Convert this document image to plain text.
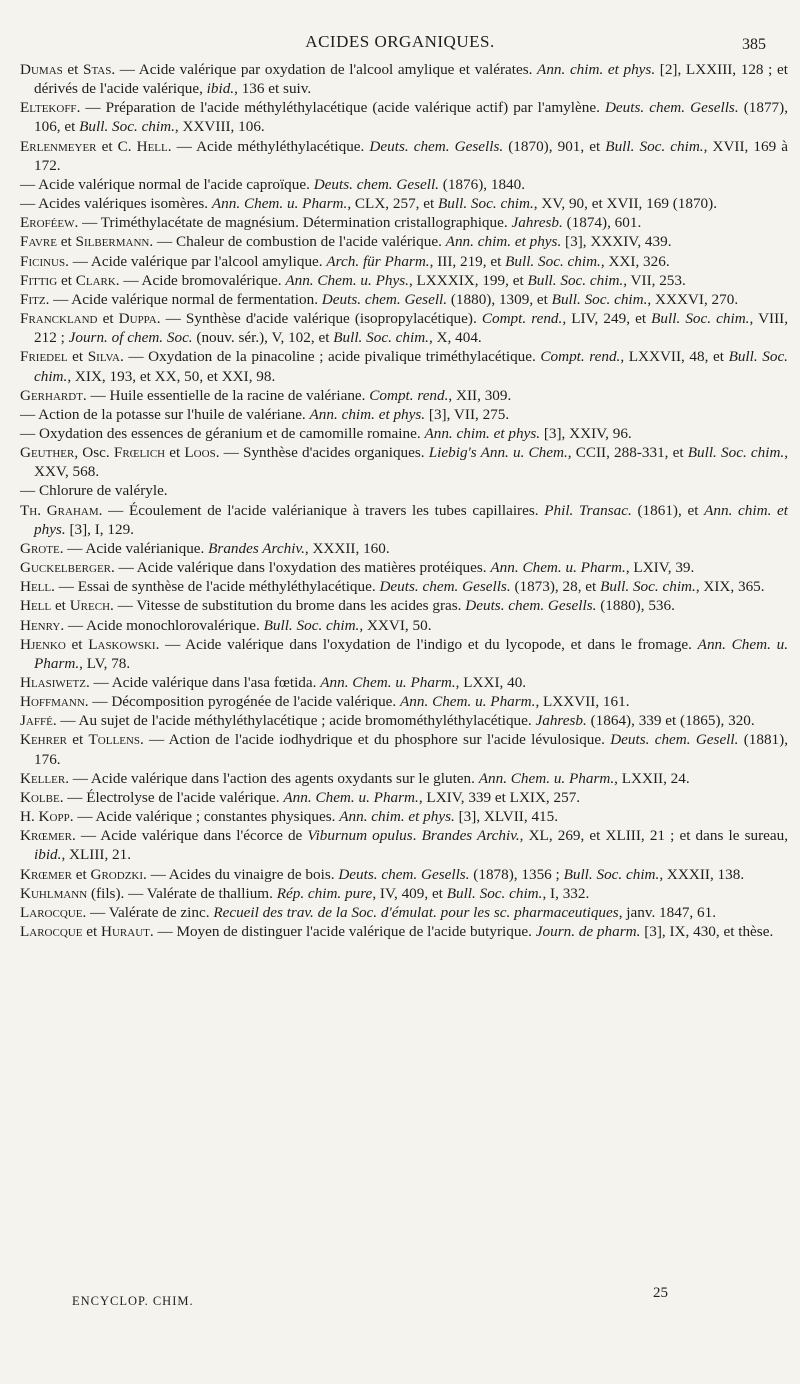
ACIDES ORGANIQUES.	385

Dumas et Stas. — Acide valérique par oxydation de l'alcool amylique et valérates. Ann. chim. et phys. [2], LXXIII, 128 ; et dérivés de l'acide valérique, ibid., 136 et suiv.

Eltekoff. — Préparation de l'acide méthyléthylacétique (acide valérique actif) par l'amylène. Deuts. chem. Gesells. (1877), 106, et Bull. Soc. chim., XXVIII, 106.

Erlenmeyer et C. Hell. — Acide méthyléthylacétique. Deuts. chem. Gesells. (1870), 901, et Bull. Soc. chim., XVII, 169 à 172.

— Acide valérique normal de l'acide caproïque. Deuts. chem. Gesell. (1876), 1840.

— Acides valériques isomères. Ann. Chem. u. Pharm., CLX, 257, et Bull. Soc. chim., XV, 90, et XVII, 169 (1870).

Eroféew. — Triméthylacétate de magnésium. Détermination cristallographique. Jahresb. (1874), 601.

Favre et Silbermann. — Chaleur de combustion de l'acide valérique. Ann. chim. et phys. [3], XXXIV, 439.

Ficinus. — Acide valérique par l'alcool amylique. Arch. für Pharm., III, 219, et Bull. Soc. chim., XXI, 326.

Fittig et Clark. — Acide bromovalérique. Ann. Chem. u. Phys., LXXXIX, 199, et Bull. Soc. chim., VII, 253.

Fitz. — Acide valérique normal de fermentation. Deuts. chem. Gesell. (1880), 1309, et Bull. Soc. chim., XXXVI, 270.

Franckland et Duppa. — Synthèse d'acide valérique (isopropylacétique). Compt. rend., LIV, 249, et Bull. Soc. chim., VIII, 212 ; Journ. of chem. Soc. (nouv. sér.), V, 102, et Bull. Soc. chim., X, 404.

Friedel et Silva. — Oxydation de la pinacoline ; acide pivalique triméthylacétique. Compt. rend., LXXVII, 48, et Bull. Soc. chim., XIX, 193, et XX, 50, et XXI, 98.

Gerhardt. — Huile essentielle de la racine de valériane. Compt. rend., XII, 309.

— Action de la potasse sur l'huile de valériane. Ann. chim. et phys. [3], VII, 275.

— Oxydation des essences de géranium et de camomille romaine. Ann. chim. et phys. [3], XXIV, 96.

Geuther, Osc. Frœlich et Loos. — Synthèse d'acides organiques. Liebig's Ann. u. Chem., CCII, 288-331, et Bull. Soc. chim., XXV, 568.

— Chlorure de valéryle.

Th. Graham. — Écoulement de l'acide valérianique à travers les tubes capillaires. Phil. Transac. (1861), et Ann. chim. et phys. [3], I, 129.

Grote. — Acide valérianique. Brandes Archiv., XXXII, 160.

Guckelberger. — Acide valérique dans l'oxydation des matières protéiques. Ann. Chem. u. Pharm., LXIV, 39.

Hell. — Essai de synthèse de l'acide méthyléthylacétique. Deuts. chem. Gesells. (1873), 28, et Bull. Soc. chim., XIX, 365.

Hell et Urech. — Vitesse de substitution du brome dans les acides gras. Deuts. chem. Gesells. (1880), 536.

Henry. — Acide monochlorovalérique. Bull. Soc. chim., XXVI, 50.

Hjenko et Laskowski. — Acide valérique dans l'oxydation de l'indigo et du lycopode, et dans le fromage. Ann. Chem. u. Pharm., LV, 78.

Hlasiwetz. — Acide valérique dans l'asa fœtida. Ann. Chem. u. Pharm., LXXI, 40.

Hoffmann. — Décomposition pyrogénée de l'acide valérique. Ann. Chem. u. Pharm., LXXVII, 161.

Jaffé. — Au sujet de l'acide méthyléthylacétique ; acide bromométhyléthylacétique. Jahresb. (1864), 339 et (1865), 320.

Kehrer et Tollens. — Action de l'acide iodhydrique et du phosphore sur l'acide lévulosique. Deuts. chem. Gesell. (1881), 176.

Keller. — Acide valérique dans l'action des agents oxydants sur le gluten. Ann. Chem. u. Pharm., LXXII, 24.

Kolbe. — Électrolyse de l'acide valérique. Ann. Chem. u. Pharm., LXIV, 339 et LXIX, 257.

H. Kopp. — Acide valérique ; constantes physiques. Ann. chim. et phys. [3], XLVII, 415.

Krœmer. — Acide valérique dans l'écorce de Viburnum opulus. Brandes Archiv., XL, 269, et XLIII, 21 ; et dans le sureau, ibid., XLIII, 21.

Krœmer et Grodzki. — Acides du vinaigre de bois. Deuts. chem. Gesells. (1878), 1356 ; Bull. Soc. chim., XXXII, 138.

Kuhlmann (fils). — Valérate de thallium. Rép. chim. pure, IV, 409, et Bull. Soc. chim., I, 332.

Larocque. — Valérate de zinc. Recueil des trav. de la Soc. d'émulat. pour les sc. pharmaceutiques, janv. 1847, 61.

Larocque et Huraut. — Moyen de distinguer l'acide valérique de l'acide butyrique. Journ. de pharm. [3], IX, 430, et thèse.

ENCYCLOP. CHIM.	25
